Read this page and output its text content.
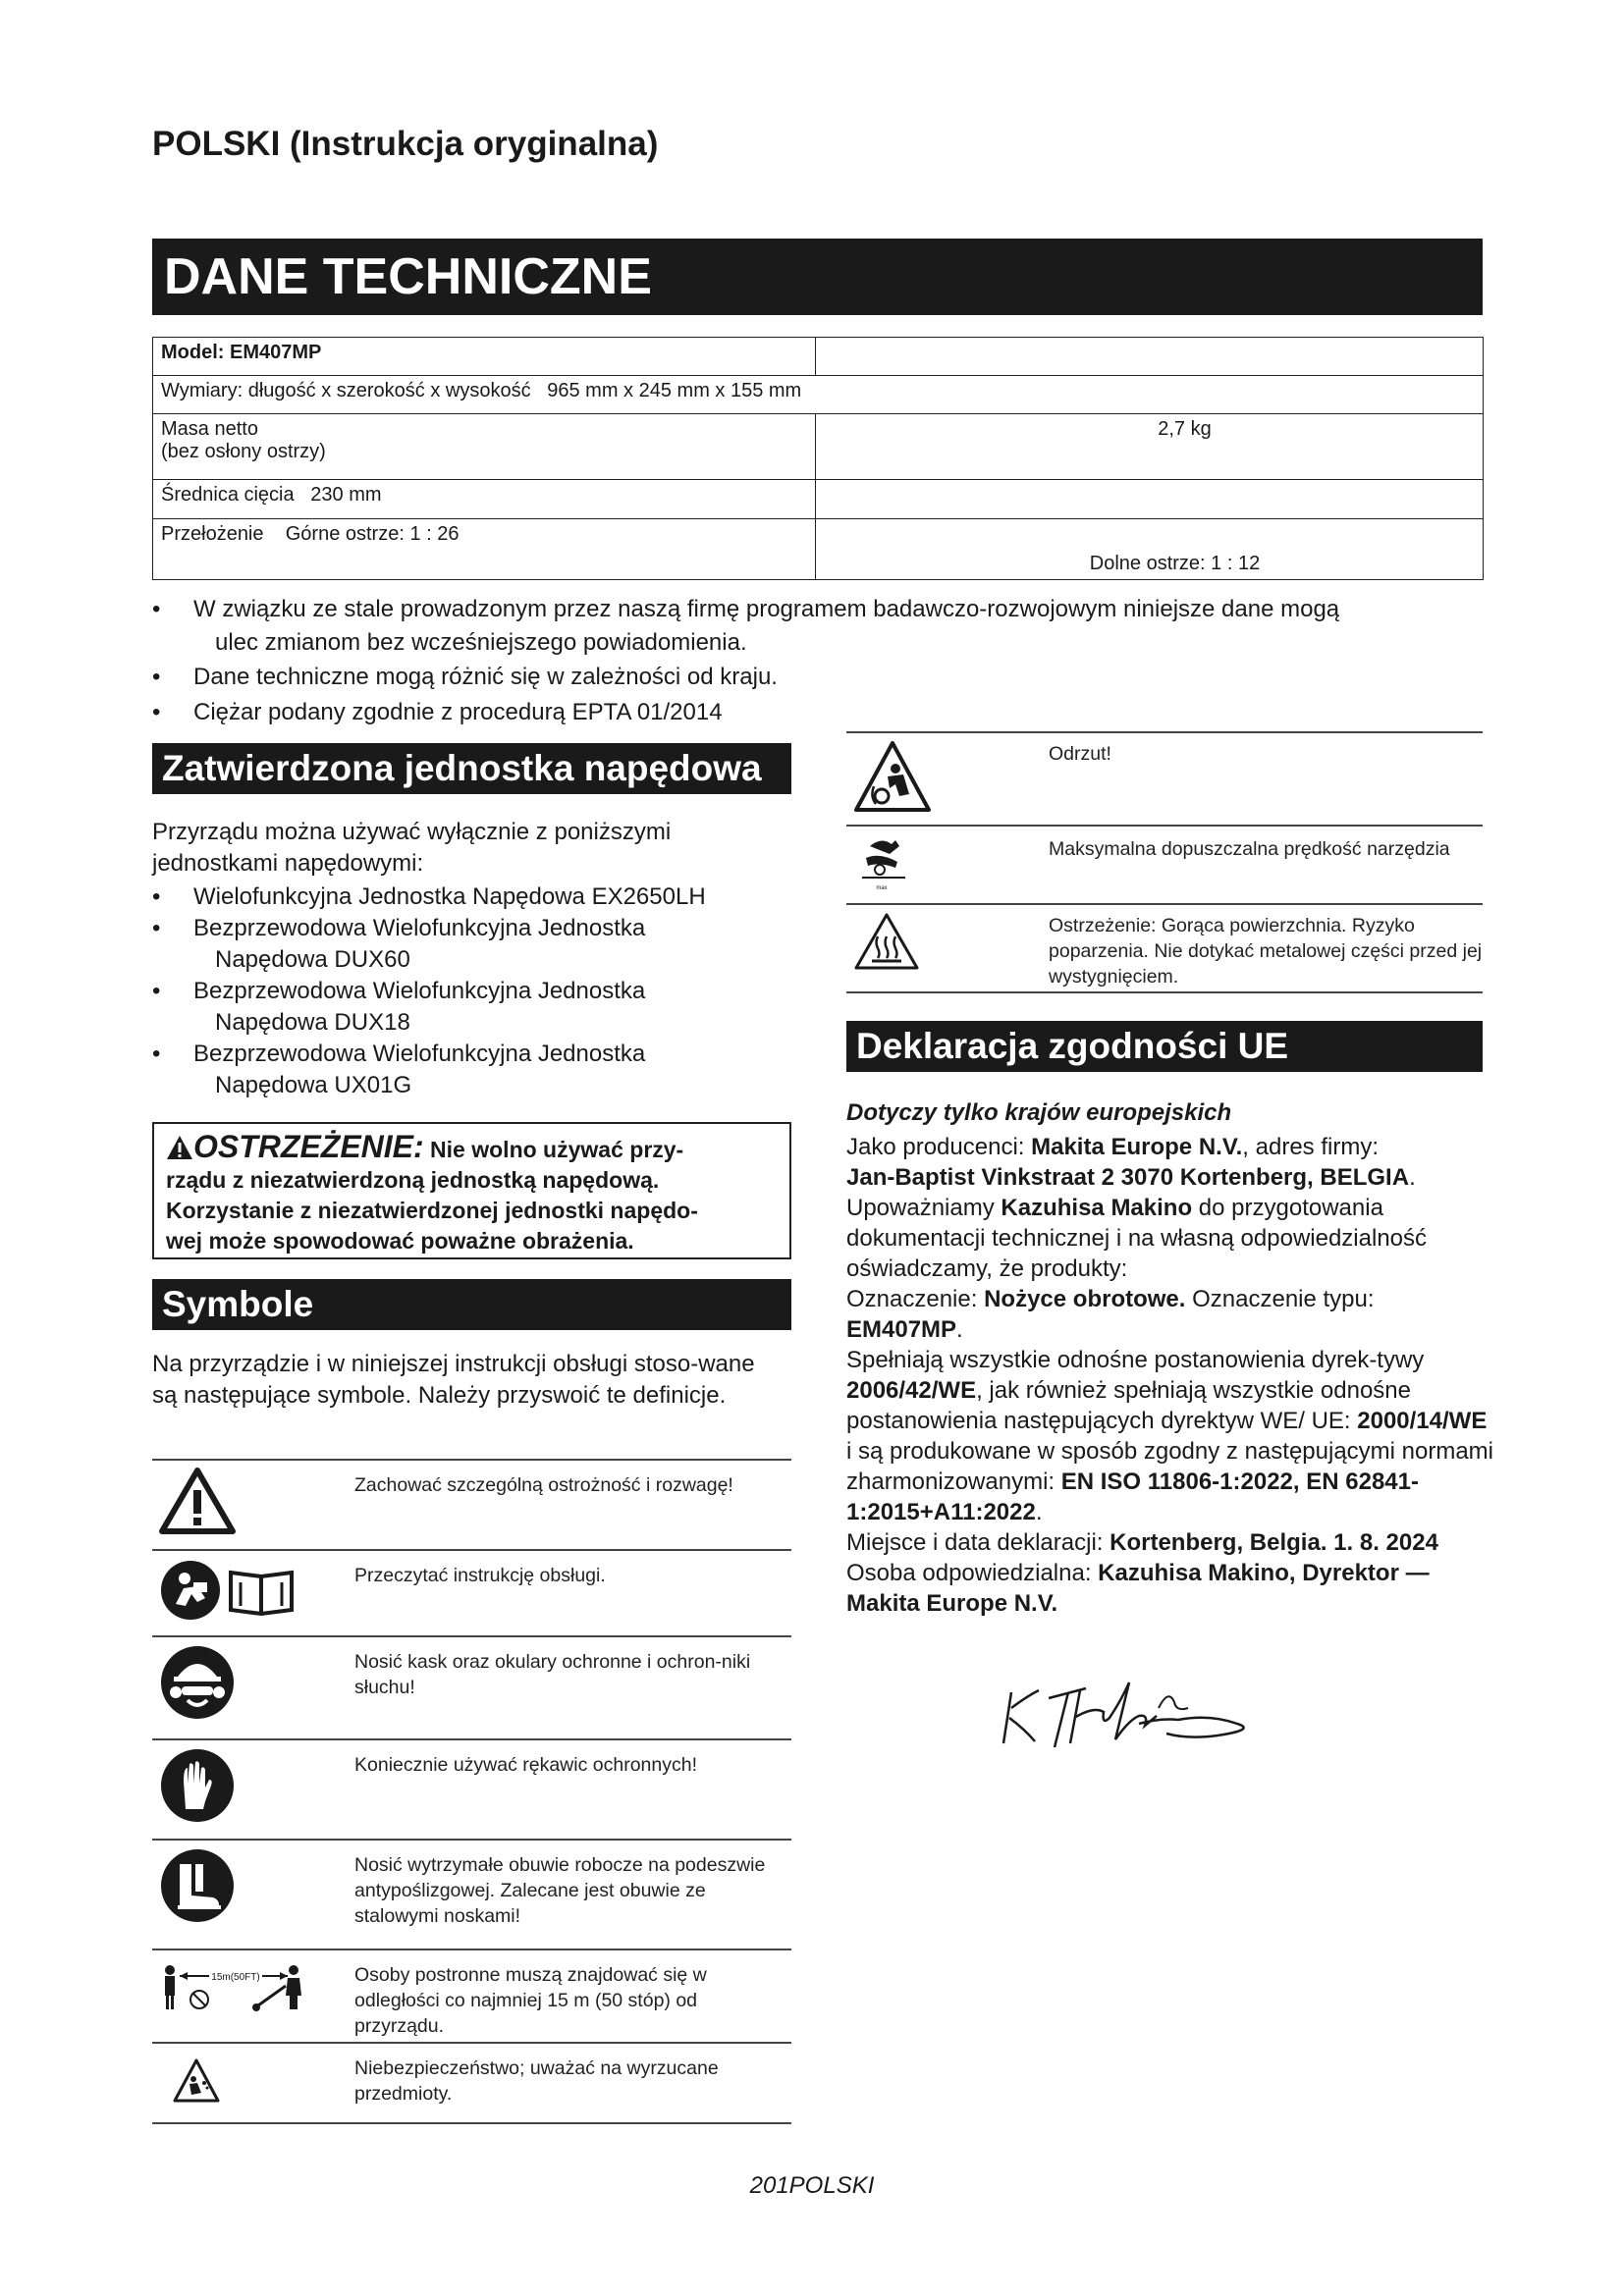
POLSKI (Instrukcja oryginalna)
DANE TECHNICZNE
Model: EM407MP	
Wymiary: długość x szerokość x wysokość   965 mm x 245 mm x 155 mm	
Masa netto
(bez osłony ostrzy)	2,7 kg
Średnica cięcia   230 mm	
Przełożenie    Górne ostrze: 1 : 26	Dolne ostrze: 1 : 12
• W związku ze stale prowadzonym przez naszą firmę programem badawczo-rozwojowym niniejsze dane mogą
ulec zmianom bez wcześniejszego powiadomienia.
• Dane techniczne mogą różnić się w zależności od kraju.
• Ciężar podany zgodnie z procedurą EPTA 01/2014
Zatwierdzona jednostka napędowa
Przyrządu można używać wyłącznie z poniższymi jednostkami napędowymi:
• Wielofunkcyjna Jednostka Napędowa EX2650LH
• Bezprzewodowa Wielofunkcyjna Jednostka
Napędowa DUX60
• Bezprzewodowa Wielofunkcyjna Jednostka
Napędowa DUX18
• Bezprzewodowa Wielofunkcyjna Jednostka
Napędowa UX01G
OSTRZEŻENIE: Nie wolno używać przy-
rządu z niezatwierdzoną jednostką napędową.
Korzystanie z niezatwierdzonej jednostki napędo-
wej może spowodować poważne obrażenia.
Symbole
Na przyrządzie i w niniejszej instrukcji obsługi stoso-wane są następujące symbole. Należy przyswoić te definicje.
	Zachować szczególną ostrożność i rozwagę!

	Przeczytać instrukcję obsługi.

	Nosić kask oraz okulary ochronne i ochron-niki słuchu!

	Koniecznie używać rękawic ochronnych!

	Nosić wytrzymałe obuwie robocze na podeszwie antypoślizgowej. Zalecane jest obuwie ze stalowymi noskami!

15m(50FT)	Osoby postronne muszą znajdować się w odległości co najmniej 15 m (50 stóp) od przyrządu.

	Niebezpieczeństwo; uważać na wyrzucane przedmioty.
	Odrzut!

max	Maksymalna dopuszczalna prędkość narzędzia

	Ostrzeżenie: Gorąca powierzchnia. Ryzyko poparzenia. Nie dotykać metalowej części przed jej wystygnięciem.
Deklaracja zgodności UE
Dotyczy tylko krajów europejskich
Jako producenci: Makita Europe N.V., adres firmy:
Jan-Baptist Vinkstraat 2 3070 Kortenberg, BELGIA.
Upoważniamy Kazuhisa Makino do przygotowania dokumentacji technicznej i na własną odpowiedzialność oświadczamy, że produkty:
Oznaczenie: Nożyce obrotowe. Oznaczenie typu:
EM407MP.
Spełniają wszystkie odnośne postanowienia dyrek-tywy 2006/42/WE, jak również spełniają wszystkie odnośne postanowienia następujących dyrektyw WE/ UE: 2000/14/WE i są produkowane w sposób zgodny z następującymi normami zharmonizowanymi: EN ISO 11806-1:2022, EN 62841-1:2015+A11:2022.
Miejsce i data deklaracji: Kortenberg, Belgia. 1. 8. 2024
Osoba odpowiedzialna: Kazuhisa Makino, Dyrektor — Makita Europe N.V.
201POLSKI
